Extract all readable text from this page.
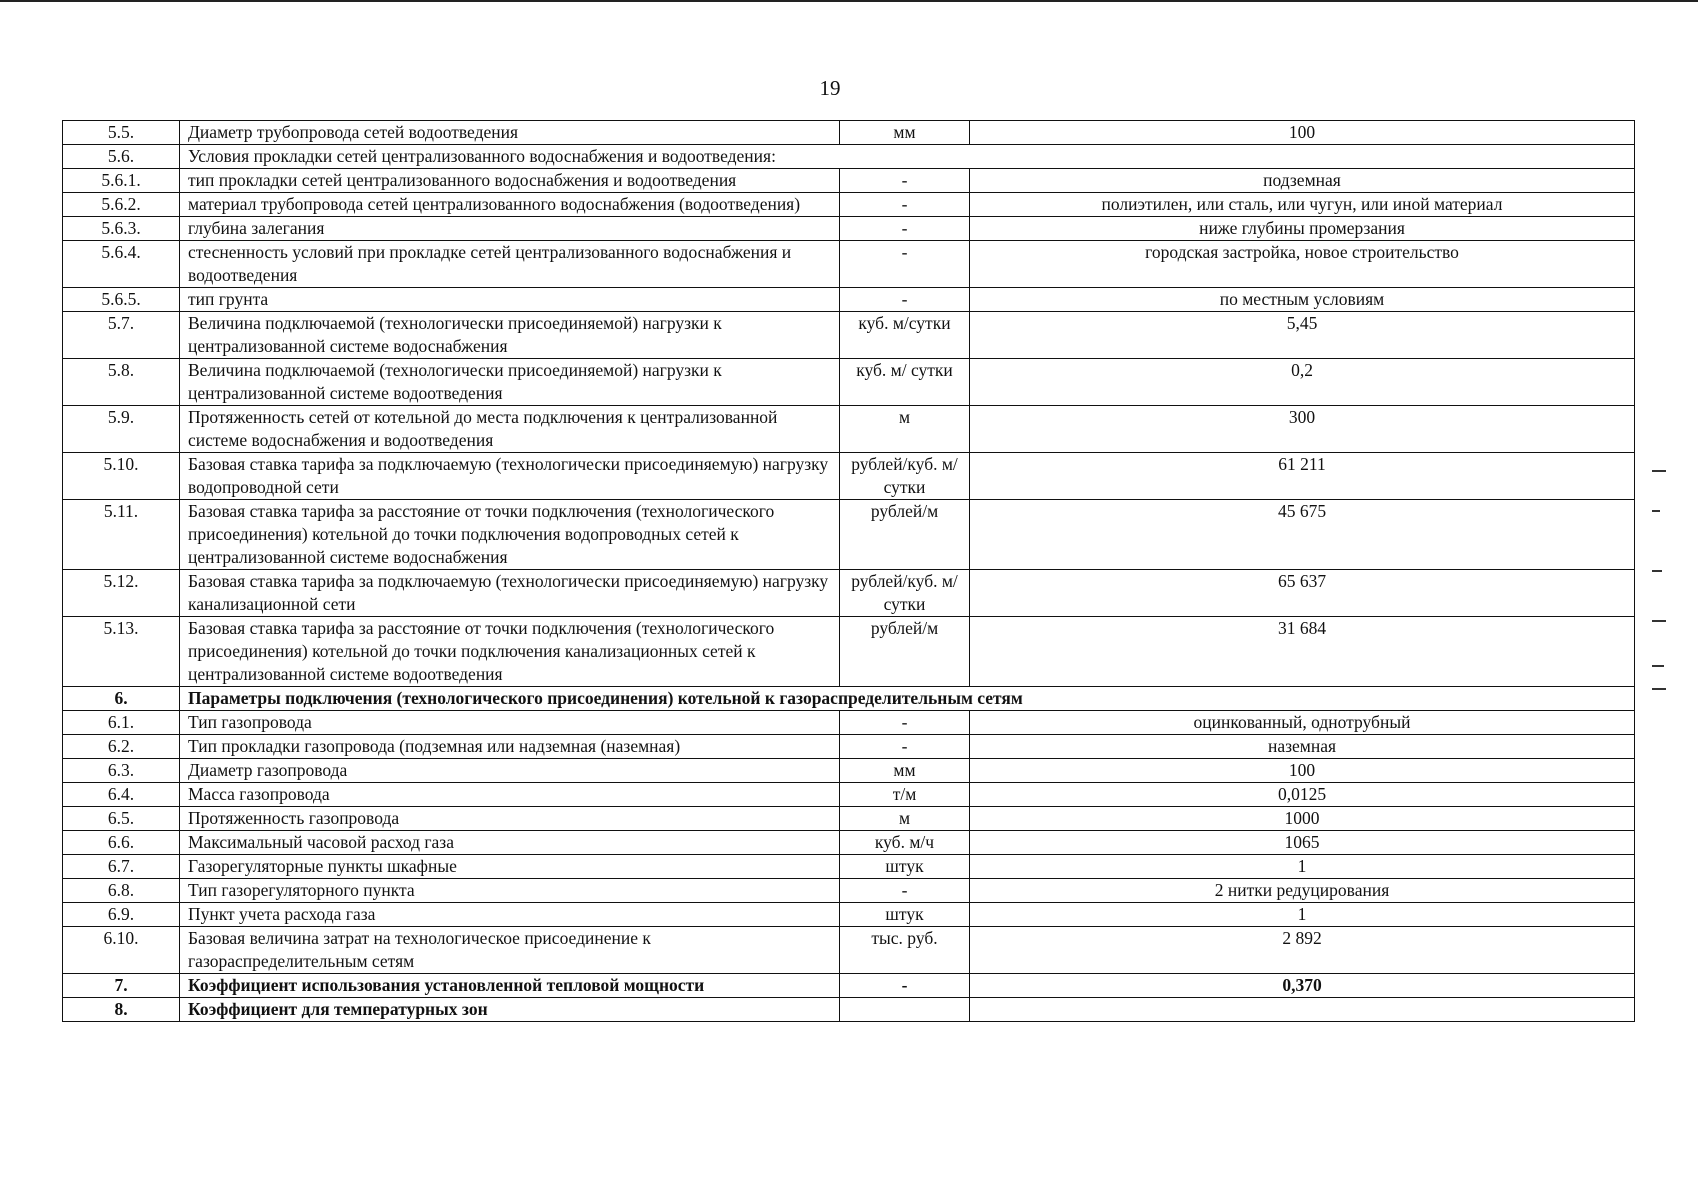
19
5.5.	Диаметр трубопровода сетей водоотведения	мм	100
5.6.	Условия прокладки сетей централизованного водоснабжения и водоотведения:		
5.6.1.	тип прокладки сетей централизованного водоснабжения и водоотведения	-	подземная
5.6.2.	материал трубопровода сетей централизованного водоснабжения (водоотведения)	-	полиэтилен, или сталь, или чугун, или иной материал
5.6.3.	глубина залегания	-	ниже глубины промерзания
5.6.4.	стесненность условий при прокладке сетей централизованного водоснабжения и водоотведения	-	городская застройка, новое строительство
5.6.5.	тип грунта	-	по местным условиям
5.7.	Величина подключаемой (технологически присоединяемой) нагрузки к централизованной системе водоснабжения	куб. м/сутки	5,45
5.8.	Величина подключаемой (технологически присоединяемой) нагрузки к централизованной системе водоотведения	куб. м/ сутки	0,2
5.9.	Протяженность сетей от котельной до места подключения к централизованной системе водоснабжения и водоотведения	м	300
5.10.	Базовая ставка тарифа за подключаемую (технологически присоединяемую) нагрузку водопроводной сети	рублей/куб. м/сутки	61 211
5.11.	Базовая ставка тарифа за расстояние от точки подключения (технологического присоединения) котельной до точки подключения водопроводных сетей к централизованной системе водоснабжения	рублей/м	45 675
5.12.	Базовая ставка тарифа за подключаемую (технологически присоединяемую) нагрузку канализационной сети	рублей/куб. м/сутки	65 637
5.13.	Базовая ставка тарифа за расстояние от точки подключения (технологического присоединения) котельной до точки подключения канализационных сетей к централизованной системе водоотведения	рублей/м	31 684
6.	Параметры подключения (технологического присоединения) котельной к газораспределительным сетям		
6.1.	Тип газопровода	-	оцинкованный, однотрубный
6.2.	Тип прокладки газопровода (подземная или надземная (наземная)	-	наземная
6.3.	Диаметр газопровода	мм	100
6.4.	Масса газопровода	т/м	0,0125
6.5.	Протяженность газопровода	м	1000
6.6.	Максимальный часовой расход газа	куб. м/ч	1065
6.7.	Газорегуляторные пункты шкафные	штук	1
6.8.	Тип газорегуляторного пункта	-	2 нитки редуцирования
6.9.	Пункт учета расхода газа	штук	1
6.10.	Базовая величина затрат на технологическое присоединение к газораспределительным сетям	тыс. руб.	2 892
7.	Коэффициент использования установленной тепловой мощности	-	0,370
8.	Коэффициент для температурных зон		
